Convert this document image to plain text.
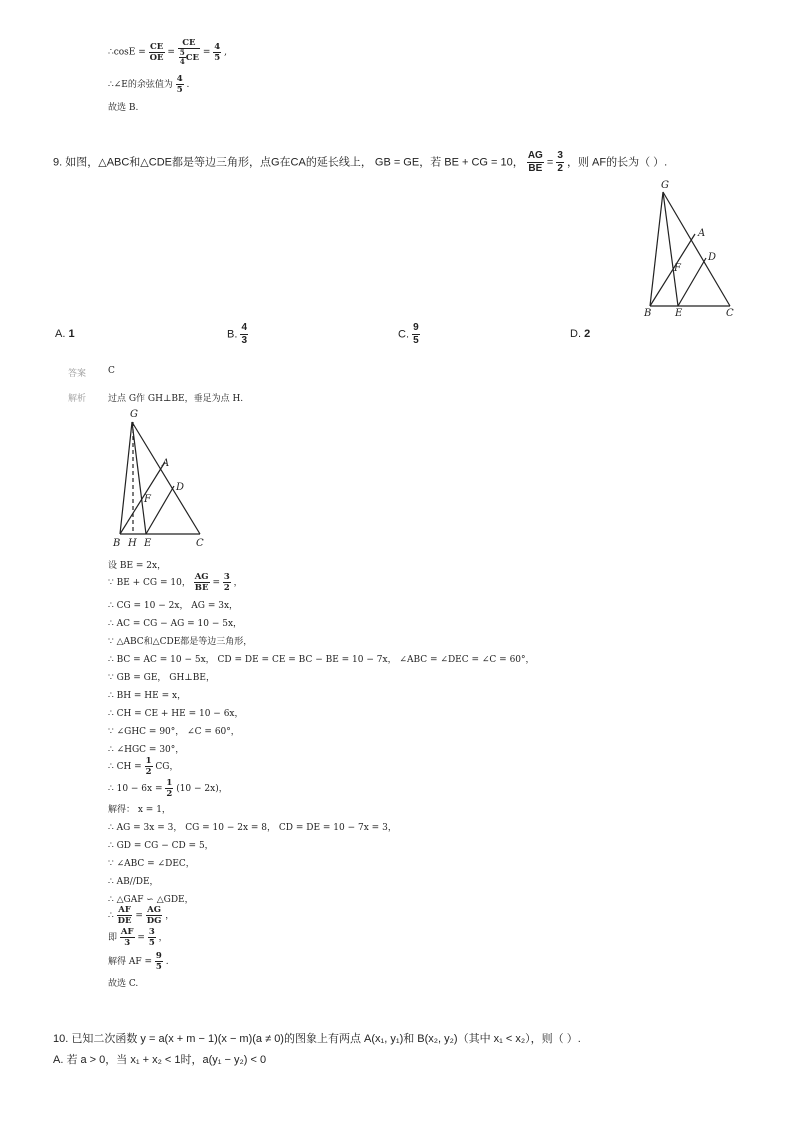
∴cosE = $\frac{CE}{OE} = \frac{CE}{\frac{5}{4} CE} = \frac{4}{5}$ ,
∴∠E的余弦值为 $\frac{4}{5}$ .
故选 B.
9. 如图，△ABC和△CDE都是等边三角形，点G在CA的延长线上， GB = GE，若 BE + CG = 10， $\frac{AG}{BE} = \frac{3}{2}$ ，则 AF的长为（ ）.
G
A
D
F
B E	C
A. 1	B. $\frac{4}{3}$	C. $\frac{9}{5}$	D. 2
答案 C
解析 过点 G作 GH⊥BE，垂足为点 H.
G
A
D
F
B H E	C
设 BE = 2x，
∵ BE + CG = 10， $\frac{AG}{BE} = \frac{3}{2}$ ，
∴ CG = 10 − 2x， AG = 3x，
∴ AC = CG − AG = 10 − 5x，
∵ △ABC和△CDE都是等边三角形，
∴ BC = AC = 10 − 5x， CD = DE = CE = BC − BE = 10 − 7x， ∠ABC = ∠DEC = ∠C = 60°，
∵ GB = GE， GH⊥BE，
∴ BH = HE = x，
∴ CH = CE + HE = 10 − 6x，
∵ ∠GHC = 90°， ∠C = 60°，
∴ ∠HGC = 30°，
∴ CH = $\frac{1}{2}$ CG，
∴ $10 - 6x = \frac{1}{2} (10 - 2x)$，
解得： x = 1，
∴ AG = 3x = 3， CG = 10 − 2x = 8， CD = DE = 10 − 7x = 3，
∴ GD = CG − CD = 5，
∵ ∠ABC = ∠DEC，
∴ AB//DE，
∴ △GAF ∽ △GDE，
∴ $\frac{AF}{DE} = \frac{AG}{DG}$ ，
即 $\frac{AF}{3} = \frac{3}{5}$ ，
解得 AF = $\frac{9}{5}$ .
故选 C.
10. 已知二次函数 y = a(x + m − 1)(x − m)(a ≠ 0)的图象上有两点 A(x₁, y₁)和 B(x₂, y₂)（其中 x₁ < x₂），则（ ）.
A. 若 a > 0，当 x₁ + x₂ < 1时，a(y₁ − y₂) < 0
